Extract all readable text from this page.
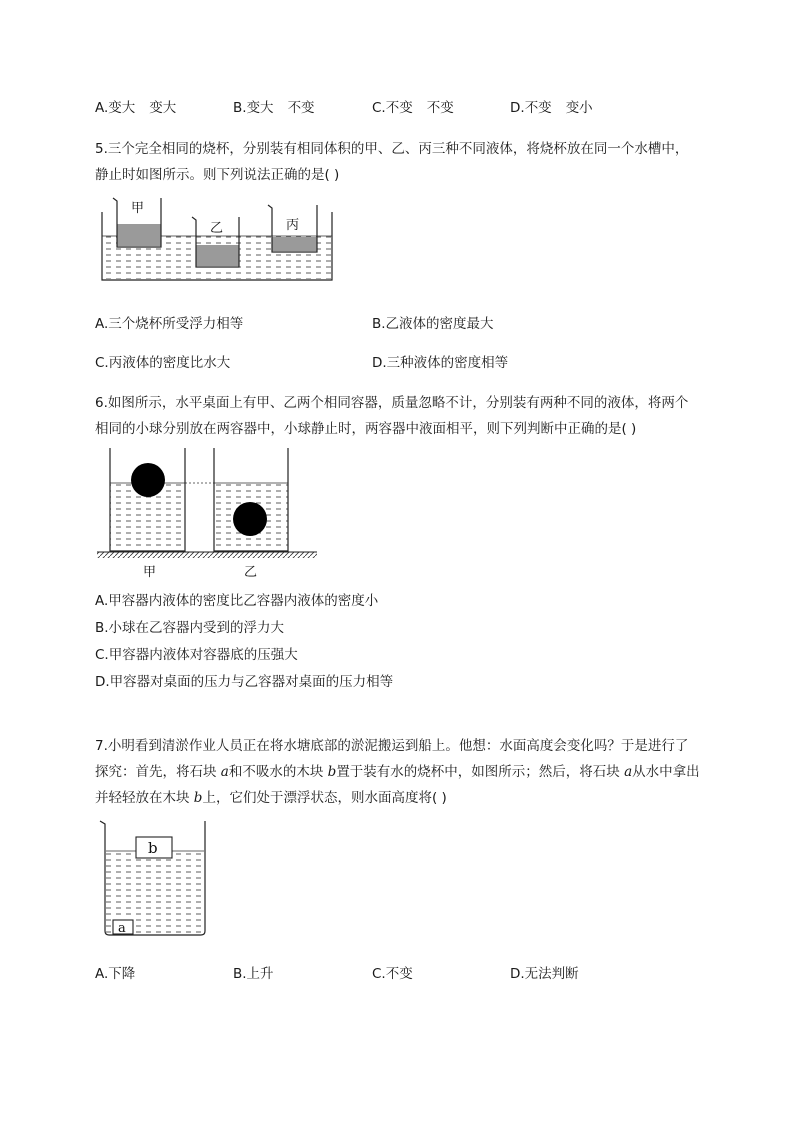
A.变大 变大	B.变大 不变	C.不变 不变	D.不变 变小
5.三个完全相同的烧杯，分别装有相同体积的甲、乙、丙三种不同液体，将烧杯放在同一个水槽中，静止时如图所示。则下列说法正确的是( )
甲
乙	丙
A.三个烧杯所受浮力相等	B.乙液体的密度最大
C.丙液体的密度比水大	D.三种液体的密度相等
6.如图所示，水平桌面上有甲、乙两个相同容器，质量忽略不计，分别装有两种不同的液体，将两个相同的小球分别放在两容器中，小球静止时，两容器中液面相平，则下列判断中正确的是( )
甲	乙
A.甲容器内液体的密度比乙容器内液体的密度小
B.小球在乙容器内受到的浮力大
C.甲容器内液体对容器底的压强大
D.甲容器对桌面的压力与乙容器对桌面的压力相等
7.小明看到清淤作业人员正在将水塘底部的淤泥搬运到船上。他想：水面高度会变化吗？于是进行了探究：首先，将石块 a和不吸水的木块 b置于装有水的烧杯中，如图所示；然后，将石块 a从水中拿出并轻轻放在木块 b上，它们处于漂浮状态，则水面高度将( )
b
a
A.下降	B.上升	C.不变	D.无法判断
